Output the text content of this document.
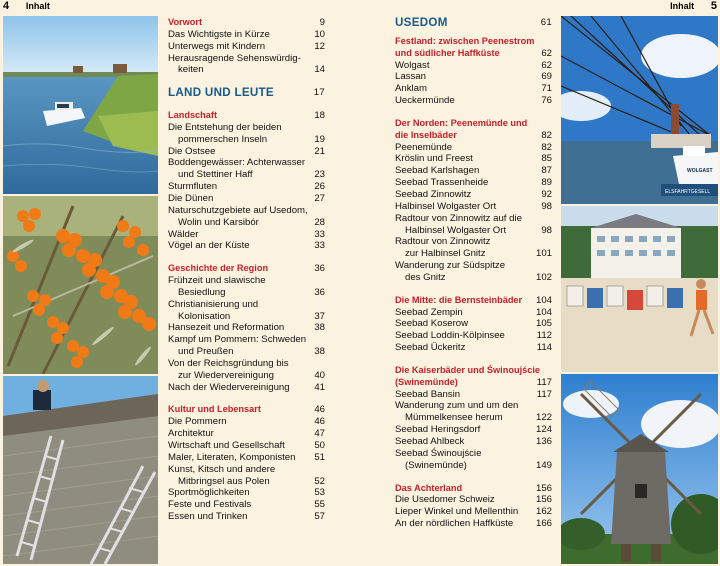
4 Inhalt
Vorwort	9
Das Wichtigste in Kürze	10
Unterwegs mit Kindern	12
Herausragende Sehenswürdig-
keiten	14
LAND UND LEUTE	17
Landschaft	18
Die Entstehung der beiden
pommerschen Inseln	19
Die Ostsee	21
Boddengewässer: Achterwasser
und Stettiner Haff	23
Sturmfluten	26
Die Dünen	27
Naturschutzgebiete auf Usedom,
Wolin und Karsibór	28
Wälder	33
Vögel an der Küste	33
Geschichte der Region	36
Frühzeit und slawische
Besiedlung	36
Christianisierung und
Kolonisation	37
Hansezeit und Reformation	38
Kampf um Pommern: Schweden
und Preußen	38
Von der Reichsgründung bis
zur Wiedervereinigung	40
Nach der Wiedervereinigung	41
Kultur und Lebensart	46
Die Pommern	46
Architektur	47
Wirtschaft und Gesellschaft	50
Maler, Literaten, Komponisten	51
Kunst, Kitsch und andere
Mitbringsel aus Polen	52
Sportmöglichkeiten	53
Feste und Festivals	55
Essen und Trinken	57
Inhalt 5
USEDOM	61
Festland: zwischen Peenestrom
und südlicher Haffküste	62
Wolgast	62
Lassan	69
Anklam	71
Ueckermünde	76
Der Norden: Peenemünde und
die Inselbäder	82
Peenemünde	82
Kröslin und Freest	85
Seebad Karlshagen	87
Seebad Trassenheide	89
Seebad Zinnowitz	92
Halbinsel Wolgaster Ort	98
Radtour von Zinnowitz auf die
Halbinsel Wolgaster Ort	98
Radtour von Zinnowitz
zur Halbinsel Gnitz	101
Wanderung zur Südspitze
des Gnitz	102
Die Mitte: die Bernsteinbäder	104
Seebad Zempin	104
Seebad Koserow	105
Seebad Loddin-Kölpinsee	112
Seebad Ückeritz	114
Die Kaiserbäder und Świnoujście
(Swinemünde)	117
Seebad Bansin	117
Wanderung zum und um den
Mümmelkensee herum	122
Seebad Heringsdorf	124
Seebad Ahlbeck	136
Seebad Świnoujście
(Swinemünde)	149
Das Achterland	156
Die Usedomer Schweiz	156
Lieper Winkel und Mellenthin	162
An der nördlichen Haffküste	166
WOLGAST
ELSFAHRTGESELL
